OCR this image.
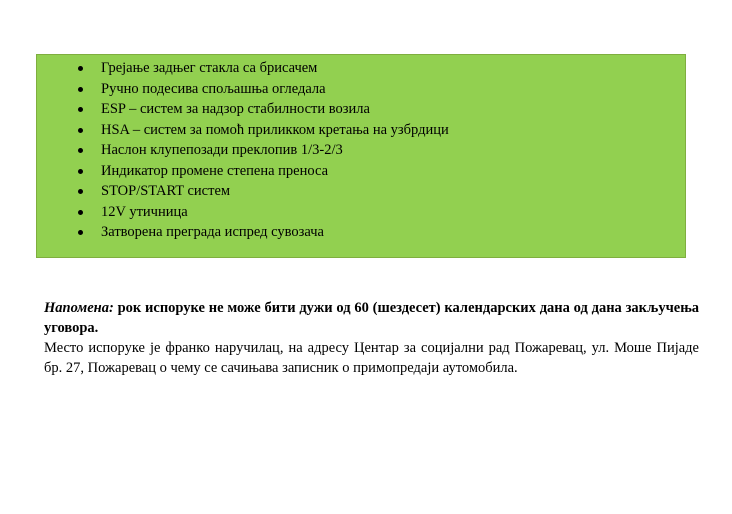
Грејање задњег стакла са брисачем
Ручно подесива спољашња огледала
ESP – систем за надзор стабилности возила
HSA – систем за помоћ приликком кретања на узбрдици
Наслон клупепозади преклопив 1/3-2/3
Индикатор промене степена преноса
STOP/START систем
12V утичница
Затворена преграда испред сувозача

Напомена: рок испоруке не може бити дужи од 60 (шездесет) календарских дана од дана закључења уговора.

Место испоруке је франко наручилац, на адресу Центар за социјални рад Пожаревац, ул. Моше Пијаде бр. 27, Пожаревац о чему се сачињава записник о примопредаји аутомобила.
